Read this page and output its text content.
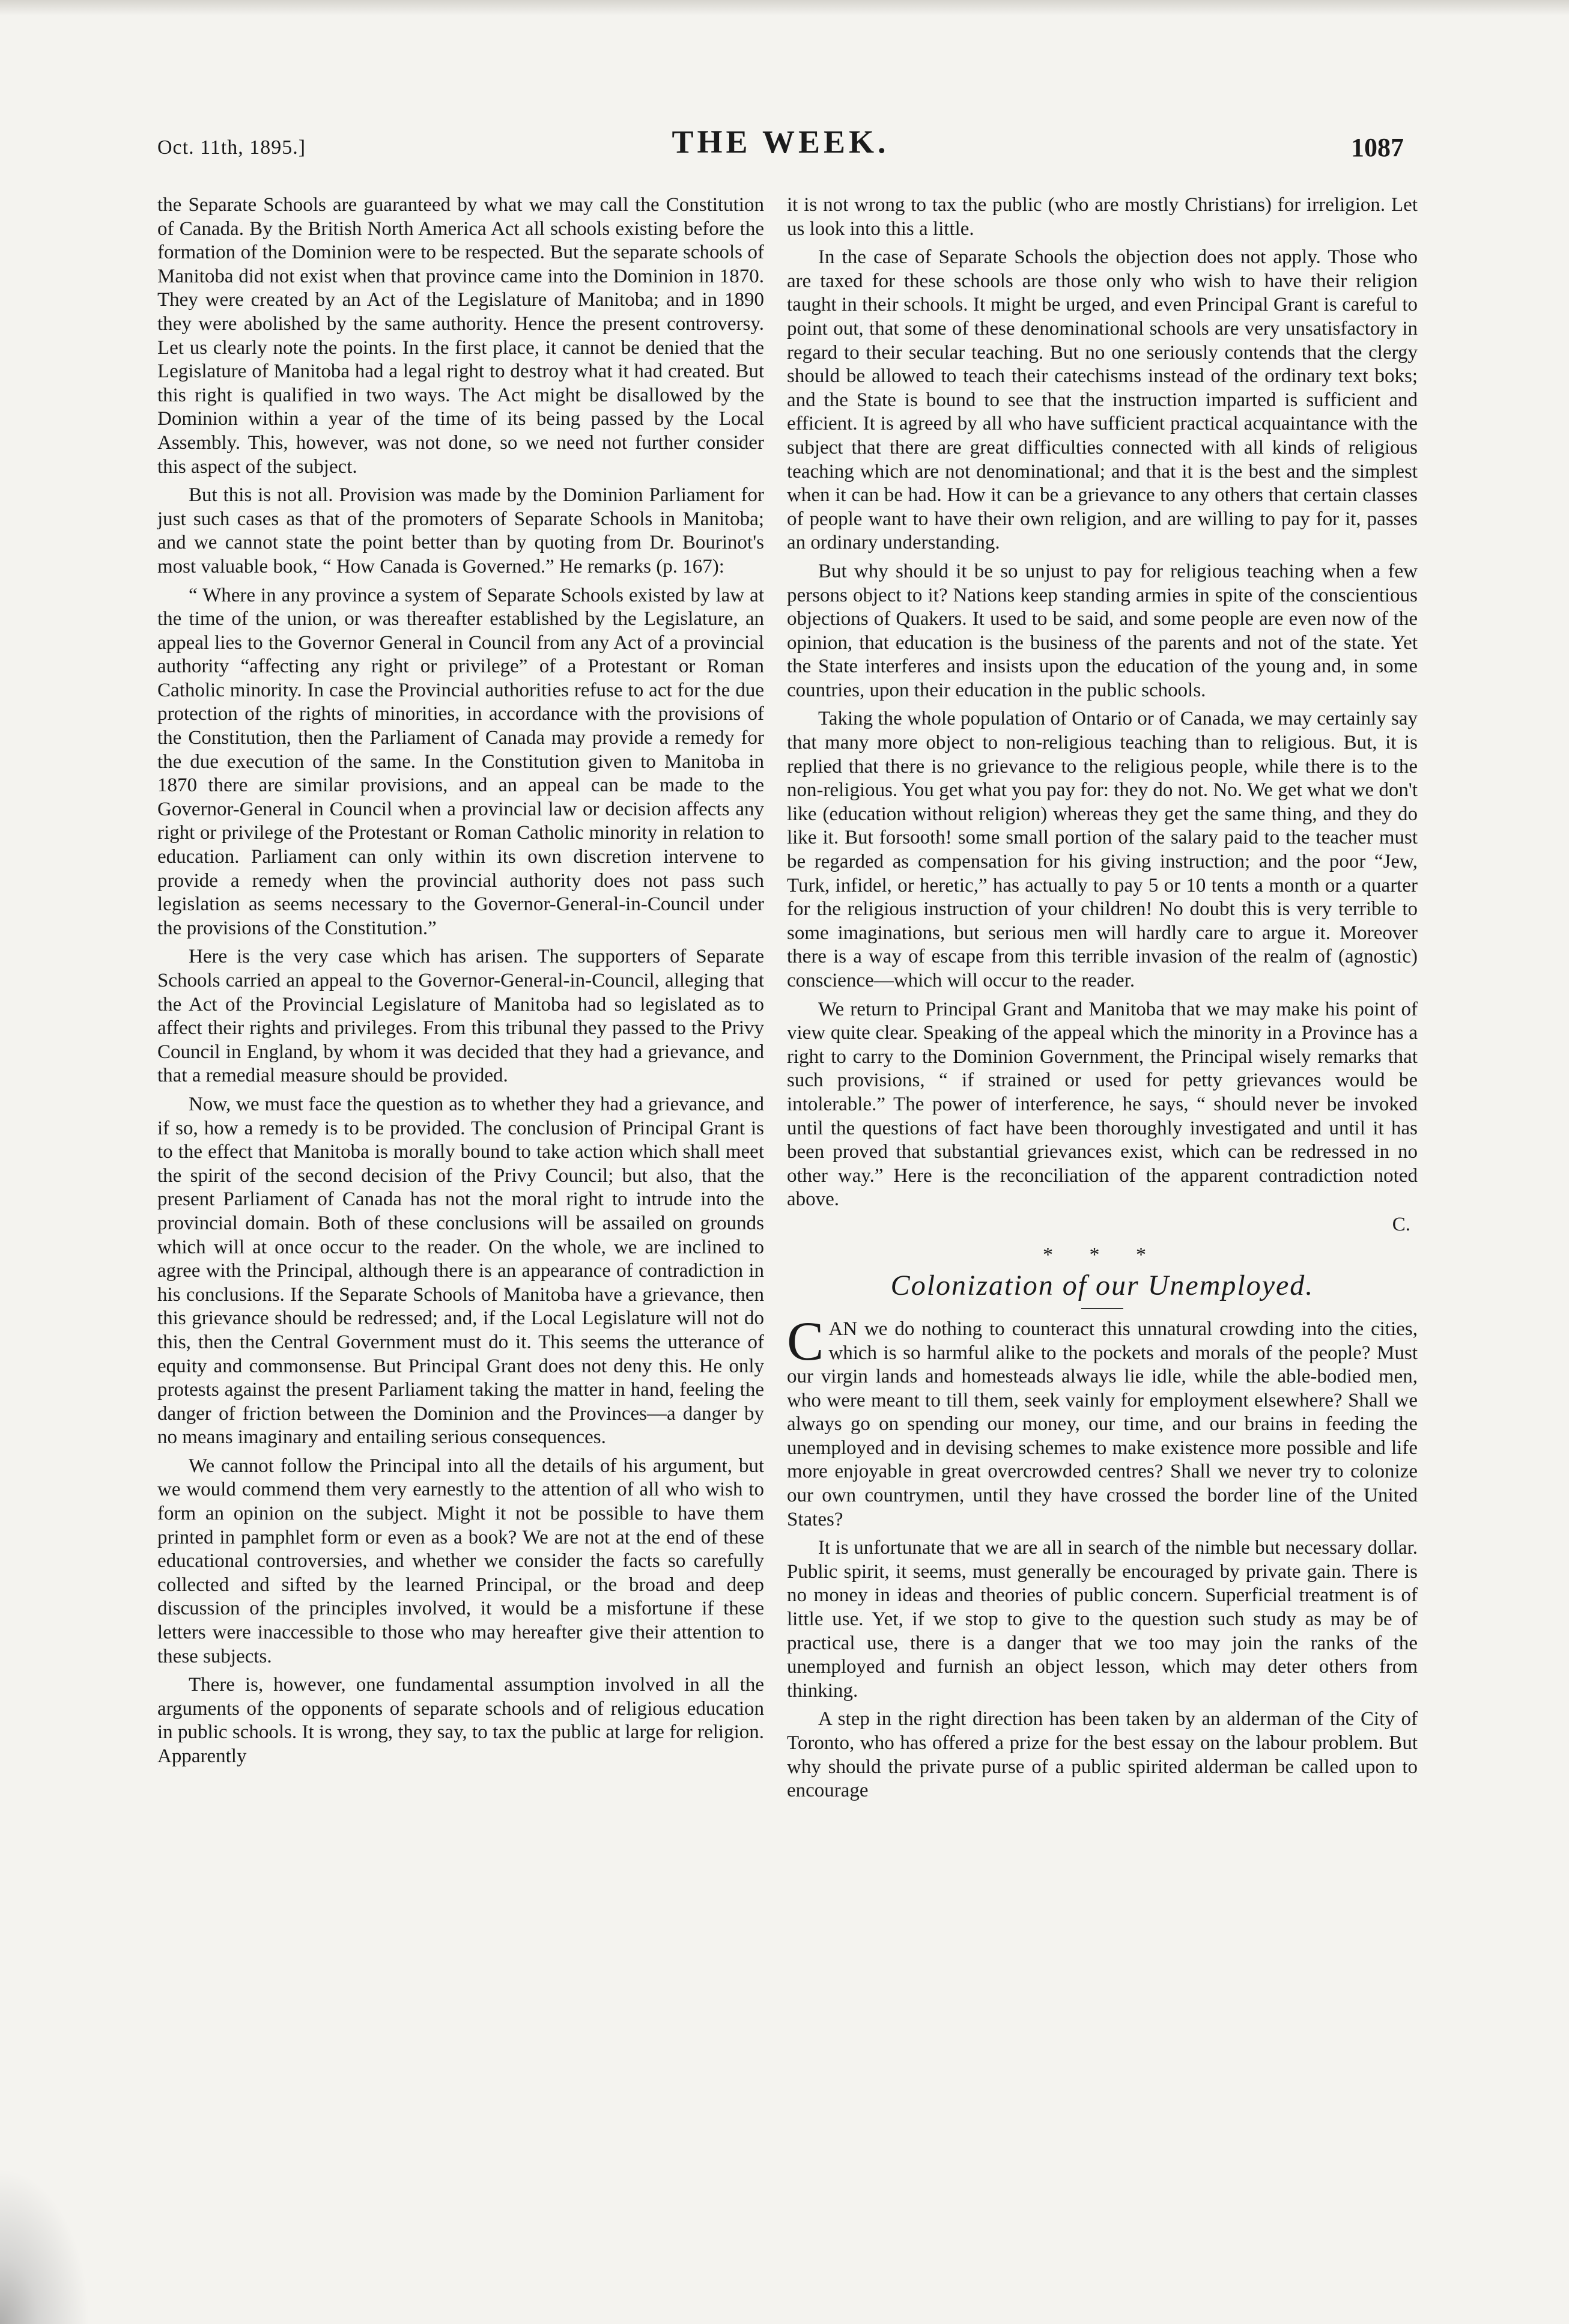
Oct. 11th, 1895.]	THE WEEK.	1087

the Separate Schools are guaranteed by what we may call the Constitution of Canada. By the British North America Act all schools existing before the formation of the Dominion were to be respected. But the separate schools of Manitoba did not exist when that province came into the Dominion in 1870. They were created by an Act of the Legislature of Manitoba; and in 1890 they were abolished by the same authority. Hence the present controversy. Let us clearly note the points. In the first place, it cannot be denied that the Legislature of Manitoba had a legal right to destroy what it had created. But this right is qualified in two ways. The Act might be disallowed by the Dominion within a year of the time of its being passed by the Local Assembly. This, however, was not done, so we need not further consider this aspect of the subject.

But this is not all. Provision was made by the Dominion Parliament for just such cases as that of the promoters of Separate Schools in Manitoba; and we cannot state the point better than by quoting from Dr. Bourinot's most valuable book, “ How Canada is Governed.” He remarks (p. 167):

“ Where in any province a system of Separate Schools existed by law at the time of the union, or was thereafter established by the Legislature, an appeal lies to the Governor General in Council from any Act of a provincial authority “affecting any right or privilege” of a Protestant or Roman Catholic minority. In case the Provincial authorities refuse to act for the due protection of the rights of minorities, in accordance with the provisions of the Constitution, then the Parliament of Canada may provide a remedy for the due execution of the same. In the Constitution given to Manitoba in 1870 there are similar provisions, and an appeal can be made to the Governor-General in Council when a provincial law or decision affects any right or privilege of the Protestant or Roman Catholic minority in relation to education. Parliament can only within its own discretion intervene to provide a remedy when the provincial authority does not pass such legislation as seems necessary to the Governor-General-in-Council under the provisions of the Constitution.”

Here is the very case which has arisen. The supporters of Separate Schools carried an appeal to the Governor-General-in-Council, alleging that the Act of the Provincial Legislature of Manitoba had so legislated as to affect their rights and privileges. From this tribunal they passed to the Privy Council in England, by whom it was decided that they had a grievance, and that a remedial measure should be provided.

Now, we must face the question as to whether they had a grievance, and if so, how a remedy is to be provided. The conclusion of Principal Grant is to the effect that Manitoba is morally bound to take action which shall meet the spirit of the second decision of the Privy Council; but also, that the present Parliament of Canada has not the moral right to intrude into the provincial domain. Both of these conclusions will be assailed on grounds which will at once occur to the reader. On the whole, we are inclined to agree with the Principal, although there is an appearance of contradiction in his conclusions. If the Separate Schools of Manitoba have a grievance, then this grievance should be redressed; and, if the Local Legislature will not do this, then the Central Government must do it. This seems the utterance of equity and commonsense. But Principal Grant does not deny this. He only protests against the present Parliament taking the matter in hand, feeling the danger of friction between the Dominion and the Provinces—a danger by no means imaginary and entailing serious consequences.

We cannot follow the Principal into all the details of his argument, but we would commend them very earnestly to the attention of all who wish to form an opinion on the subject. Might it not be possible to have them printed in pamphlet form or even as a book? We are not at the end of these educational controversies, and whether we consider the facts so carefully collected and sifted by the learned Principal, or the broad and deep discussion of the principles involved, it would be a misfortune if these letters were inaccessible to those who may hereafter give their attention to these subjects.

There is, however, one fundamental assumption involved in all the arguments of the opponents of separate schools and of religious education in public schools. It is wrong, they say, to tax the public at large for religion. Apparently

it is not wrong to tax the public (who are mostly Christians) for irreligion. Let us look into this a little.

In the case of Separate Schools the objection does not apply. Those who are taxed for these schools are those only who wish to have their religion taught in their schools. It might be urged, and even Principal Grant is careful to point out, that some of these denominational schools are very unsatisfactory in regard to their secular teaching. But no one seriously contends that the clergy should be allowed to teach their catechisms instead of the ordinary text boks; and the State is bound to see that the instruction imparted is sufficient and efficient. It is agreed by all who have sufficient practical acquaintance with the subject that there are great difficulties connected with all kinds of religious teaching which are not denominational; and that it is the best and the simplest when it can be had. How it can be a grievance to any others that certain classes of people want to have their own religion, and are willing to pay for it, passes an ordinary understanding.

But why should it be so unjust to pay for religious teaching when a few persons object to it? Nations keep standing armies in spite of the conscientious objections of Quakers. It used to be said, and some people are even now of the opinion, that education is the business of the parents and not of the state. Yet the State interferes and insists upon the education of the young and, in some countries, upon their education in the public schools.

Taking the whole population of Ontario or of Canada, we may certainly say that many more object to non-religious teaching than to religious. But, it is replied that there is no grievance to the religious people, while there is to the non-religious. You get what you pay for: they do not. No. We get what we don't like (education without religion) whereas they get the same thing, and they do like it. But forsooth! some small portion of the salary paid to the teacher must be regarded as compensation for his giving instruction; and the poor “Jew, Turk, infidel, or heretic,” has actually to pay 5 or 10 tents a month or a quarter for the religious instruction of your children! No doubt this is very terrible to some imaginations, but serious men will hardly care to argue it. Moreover there is a way of escape from this terrible invasion of the realm of (agnostic) conscience—which will occur to the reader.

We return to Principal Grant and Manitoba that we may make his point of view quite clear. Speaking of the appeal which the minority in a Province has a right to carry to the Dominion Government, the Principal wisely remarks that such provisions, “ if strained or used for petty grievances would be intolerable.” The power of interference, he says, “ should never be invoked until the questions of fact have been thoroughly investigated and until it has been proved that substantial grievances exist, which can be redressed in no other way.” Here is the reconciliation of the apparent contradiction noted above.

C.
* * *
Colonization of our Unemployed.

CAN we do nothing to counteract this unnatural crowding into the cities, which is so harmful alike to the pockets and morals of the people? Must our virgin lands and homesteads always lie idle, while the able-bodied men, who were meant to till them, seek vainly for employment elsewhere? Shall we always go on spending our money, our time, and our brains in feeding the unemployed and in devising schemes to make existence more possible and life more enjoyable in great overcrowded centres? Shall we never try to colonize our own countrymen, until they have crossed the border line of the United States?

It is unfortunate that we are all in search of the nimble but necessary dollar. Public spirit, it seems, must generally be encouraged by private gain. There is no money in ideas and theories of public concern. Superficial treatment is of little use. Yet, if we stop to give to the question such study as may be of practical use, there is a danger that we too may join the ranks of the unemployed and furnish an object lesson, which may deter others from thinking.

A step in the right direction has been taken by an alderman of the City of Toronto, who has offered a prize for the best essay on the labour problem. But why should the private purse of a public spirited alderman be called upon to encourage
